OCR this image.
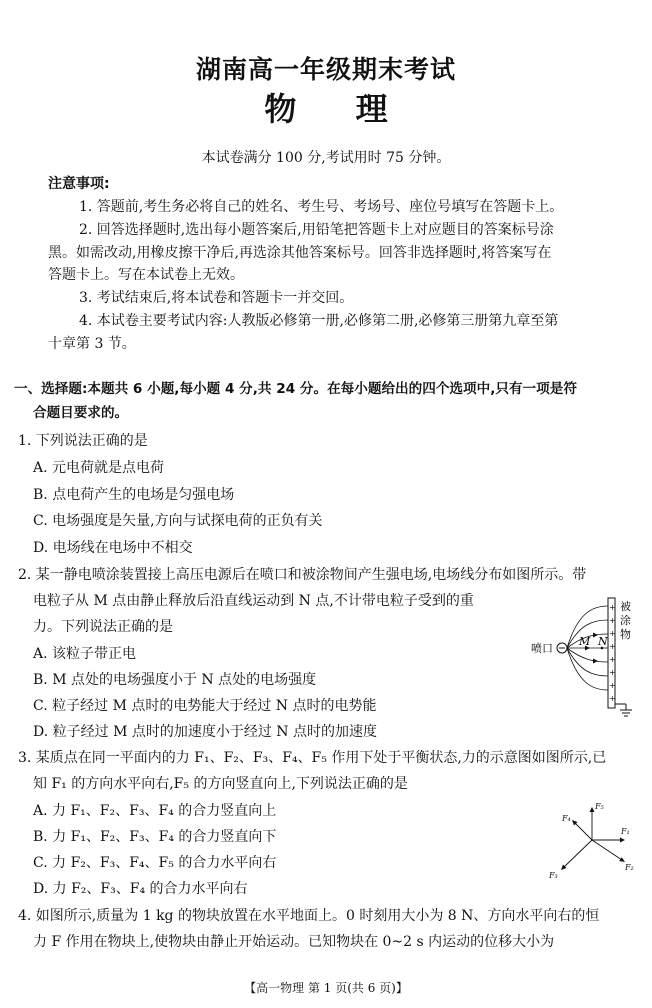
湖南高一年级期末考试
物 理
本试卷满分 100 分,考试用时 75 分钟。
注意事项:
1. 答题前,考生务必将自己的姓名、考生号、考场号、座位号填写在答题卡上。
2. 回答选择题时,选出每小题答案后,用铅笔把答题卡上对应题目的答案标号涂
黑。如需改动,用橡皮擦干净后,再选涂其他答案标号。回答非选择题时,将答案写在
答题卡上。写在本试卷上无效。
3. 考试结束后,将本试卷和答题卡一并交回。
4. 本试卷主要考试内容:人教版必修第一册,必修第二册,必修第三册第九章至第
十章第 3 节。
一、选择题:本题共 6 小题,每小题 4 分,共 24 分。在每小题给出的四个选项中,只有一项是符
合题目要求的。
1. 下列说法正确的是
A. 元电荷就是点电荷
B. 点电荷产生的电场是匀强电场
C. 电场强度是矢量,方向与试探电荷的正负有关
D. 电场线在电场中不相交
2. 某一静电喷涂装置接上高压电源后在喷口和被涂物间产生强电场,电场线分布如图所示。带
电粒子从 M 点由静止释放后沿直线运动到 N 点,不计带电粒子受到的重
力。下列说法正确的是
A. 该粒子带正电
B. M 点处的电场强度小于 N 点处的电场强度
C. 粒子经过 M 点时的电势能大于经过 N 点时的电势能
D. 粒子经过 M 点时的加速度小于经过 N 点时的加速度
+
+
+
+
+
+
+
+
M N
喷口
被
涂
物
3. 某质点在同一平面内的力 F₁、F₂、F₃、F₄、F₅ 作用下处于平衡状态,力的示意图如图所示,已
知 F₁ 的方向水平向右,F₅ 的方向竖直向上,下列说法正确的是
A. 力 F₁、F₂、F₃、F₄ 的合力竖直向上
B. 力 F₁、F₂、F₃、F₄ 的合力竖直向下
C. 力 F₂、F₃、F₄、F₅ 的合力水平向右
D. 力 F₂、F₃、F₄ 的合力水平向右
F₅
F₁
F₄
F₂
F₃
4. 如图所示,质量为 1 kg 的物块放置在水平地面上。0 时刻用大小为 8 N、方向水平向右的恒
力 F 作用在物块上,使物块由静止开始运动。已知物块在 0~2 s 内运动的位移大小为
【高一物理 第 1 页(共 6 页)】
